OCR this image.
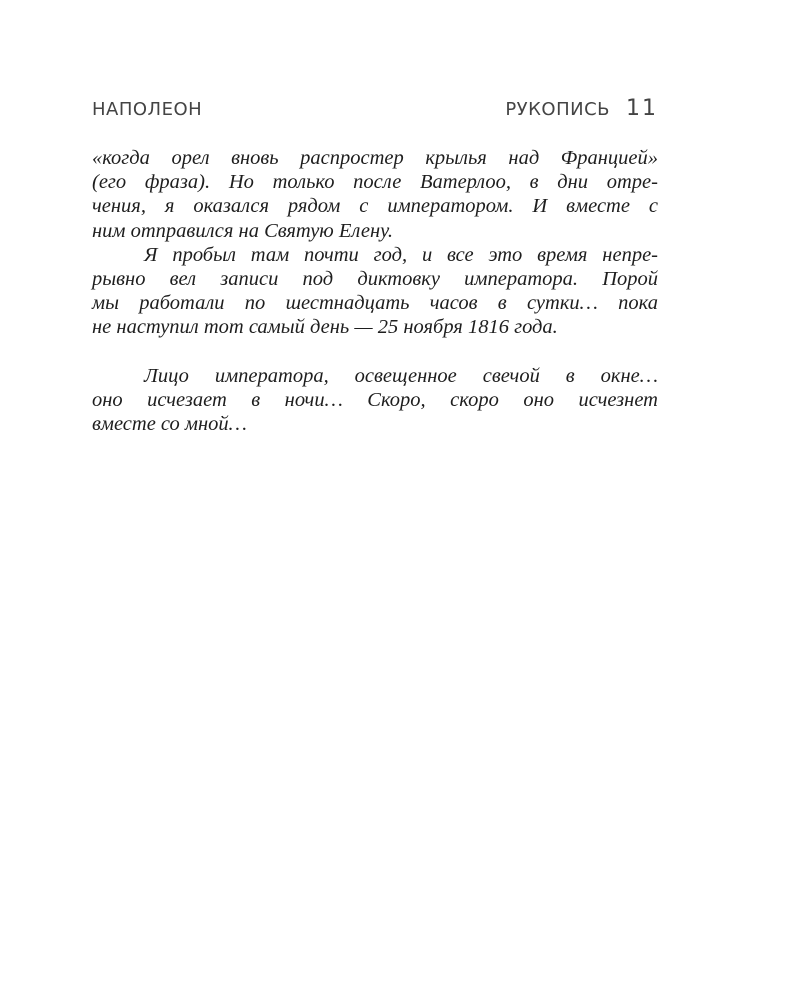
НАПОЛЕОН	РУКОПИСЬ 11

«когда орел вновь распростер крылья над Францией»
(его фраза). Но только после Ватерлоо, в дни отре-
чения, я оказался рядом с императором. И вместе с
ним отправился на Святую Елену.

Я пробыл там почти год, и все это время непре-
рывно вел записи под диктовку императора. Порой
мы работали по шестнадцать часов в сутки… пока
не наступил тот самый день — 25 ноября 1816 года.

Лицо императора, освещенное свечой в окне…
оно исчезает в ночи… Скоро, скоро оно исчезнет
вместе со мной…
